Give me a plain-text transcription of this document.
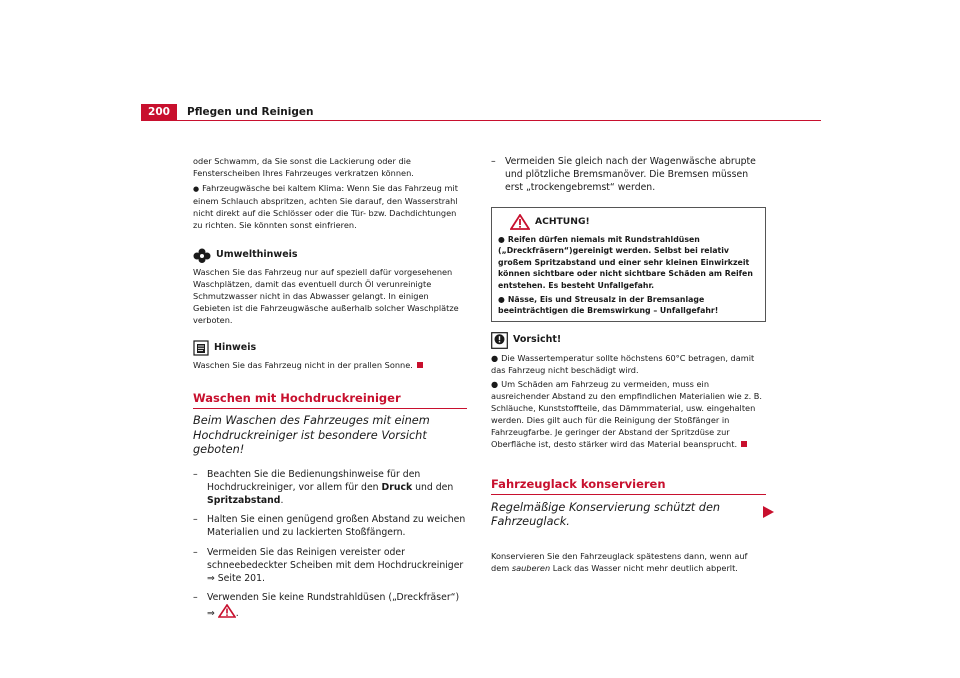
200	Pflegen und Reinigen

oder Schwamm, da Sie sonst die Lackierung oder die Fensterscheiben Ihres Fahrzeuges verkratzen können.

● Fahrzeugwäsche bei kaltem Klima: Wenn Sie das Fahrzeug mit einem Schlauch abspritzen, achten Sie darauf, den Wasserstrahl nicht direkt auf die Schlösser oder die Tür- bzw. Dachdichtungen zu richten. Sie könnten sonst einfrieren.

Umwelthinweis

Waschen Sie das Fahrzeug nur auf speziell dafür vorgesehenen Waschplätzen, damit das eventuell durch Öl verunreinigte Schmutzwasser nicht in das Abwasser gelangt. In einigen Gebieten ist die Fahrzeugwäsche außerhalb solcher Waschplätze verboten.

Hinweis

Waschen Sie das Fahrzeug nicht in der prallen Sonne.

Waschen mit Hochdruckreiniger
Beim Waschen des Fahrzeuges mit einem Hochdruckreiniger ist besondere Vorsicht geboten!
– Beachten Sie die Bedienungshinweise für den Hochdruckreiniger, vor allem für den Druck und den Spritzabstand.
– Halten Sie einen genügend großen Abstand zu weichen Materialien und zu lackierten Stoßfängern.
– Vermeiden Sie das Reinigen vereister oder schneebedeckter Scheiben mit dem Hochdruckreiniger ⇒ Seite 201.
– Verwenden Sie keine Rundstrahldüsen („Dreckfräser“) ⇒ .
– Vermeiden Sie gleich nach der Wagenwäsche abrupte und plötzliche Bremsmanöver. Die Bremsen müssen erst „trockengebremst“ werden.
ACHTUNG!

● Reifen dürfen niemals mit Rundstrahldüsen („Dreckfräsern“)gereinigt werden. Selbst bei relativ großem Spritzabstand und einer sehr kleinen Einwirkzeit können sichtbare oder nicht sichtbare Schäden am Reifen entstehen. Es besteht Unfallgefahr.

● Nässe, Eis und Streusalz in der Bremsanlage beeinträchtigen die Bremswirkung – Unfallgefahr!

Vorsicht!

● Die Wassertemperatur sollte höchstens 60°C betragen, damit das Fahrzeug nicht beschädigt wird.

● Um Schäden am Fahrzeug zu vermeiden, muss ein ausreichender Abstand zu den empfindlichen Materialien wie z. B. Schläuche, Kunststoffteile, das Dämmmaterial, usw. eingehalten werden. Dies gilt auch für die Reinigung der Stoßfänger in Fahrzeugfarbe. Je geringer der Abstand der Spritzdüse zur Oberfläche ist, desto stärker wird das Material beansprucht.

Fahrzeuglack konservieren
Regelmäßige Konservierung schützt den Fahrzeuglack.

Konservieren Sie den Fahrzeuglack spätestens dann, wenn auf dem sauberen Lack das Wasser nicht mehr deutlich abperlt.
